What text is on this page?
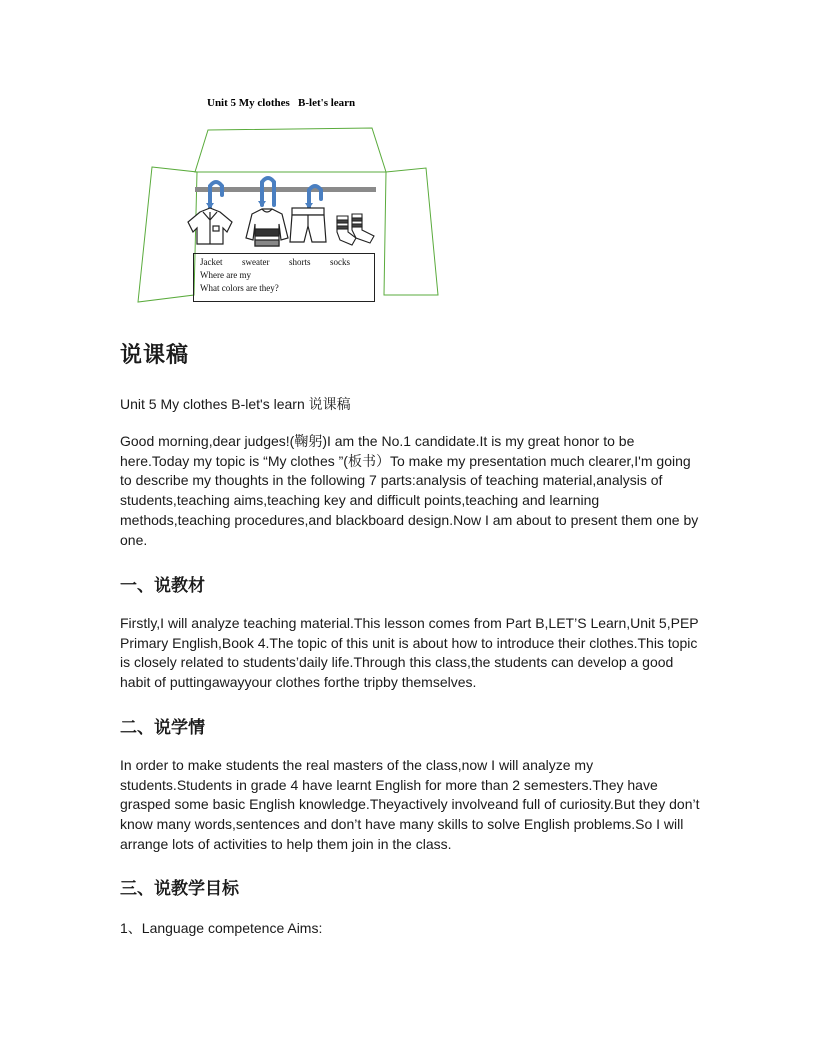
Unit 5 My clothes   B-let's learn
Jacket sweater shorts socks
Where are my
What colors are they?
说课稿

Unit 5 My clothes B-let's learn 说课稿

Good morning,dear judges!(鞠躬)I am the No.1 candidate.It is my great honor to be here.Today my topic is “My clothes ”(板书）To make my presentation much clearer,I'm going to describe my thoughts in the following 7 parts:analysis of teaching material,analysis of students,teaching aims,teaching key and difficult points,teaching and learning methods,teaching procedures,and blackboard design.Now I am about to present them one by one.

一、说教材

Firstly,I will analyze teaching material.This lesson comes from Part B,LET’S Learn,Unit 5,PEP Primary English,Book 4.The topic of this unit is about how to introduce their clothes.This topic is closely related to students’daily life.Through this class,the students can develop a good habit of puttingawayyour clothes forthe tripby themselves.

二、说学情

In order to make students the real masters of the class,now I will analyze my students.Students in grade 4 have learnt English for more than 2 semesters.They have grasped some basic English knowledge.Theyactively involveand full of curiosity.But they don’t know many words,sentences and don’t have many skills to solve English problems.So I will arrange lots of activities to help them join in the class.

三、说教学目标

1、Language competence Aims:
